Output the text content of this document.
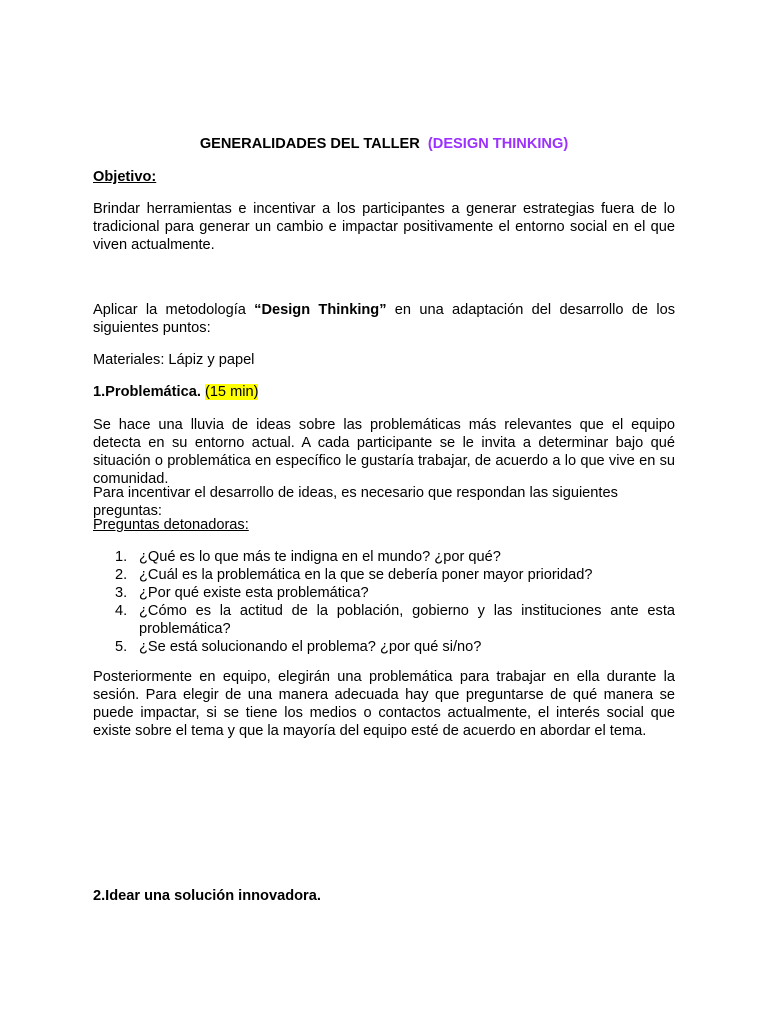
GENERALIDADES DEL TALLER (DESIGN THINKING)

Objetivo:

Brindar herramientas e incentivar a los participantes a generar estrategias fuera de lo tradicional para generar un cambio e impactar positivamente el entorno social en el que viven actualmente.

Aplicar la metodología “Design Thinking” en una adaptación del desarrollo de los siguientes puntos:

Materiales: Lápiz y papel

1.Problemática. (15 min)

Se hace una lluvia de ideas sobre las problemáticas más relevantes que el equipo detecta en su entorno actual. A cada participante se le invita a determinar bajo qué situación o problemática en específico le gustaría trabajar, de acuerdo a lo que vive en su comunidad.

Para incentivar el desarrollo de ideas, es necesario que respondan las siguientes preguntas:

Preguntas detonadoras:

1. ¿Qué es lo que más te indigna en el mundo? ¿por qué?
2. ¿Cuál es la problemática en la que se debería poner mayor prioridad?
3. ¿Por qué existe esta problemática?
4. ¿Cómo es la actitud de la población, gobierno y las instituciones ante esta problemática?
5. ¿Se está solucionando el problema? ¿por qué si/no?

Posteriormente en equipo, elegirán una problemática para trabajar en ella durante la sesión. Para elegir de una manera adecuada hay que preguntarse de qué manera se puede impactar, si se tiene los medios o contactos actualmente, el interés social que existe sobre el tema y que la mayoría del equipo esté de acuerdo en abordar el tema.

2.Idear una solución innovadora.
